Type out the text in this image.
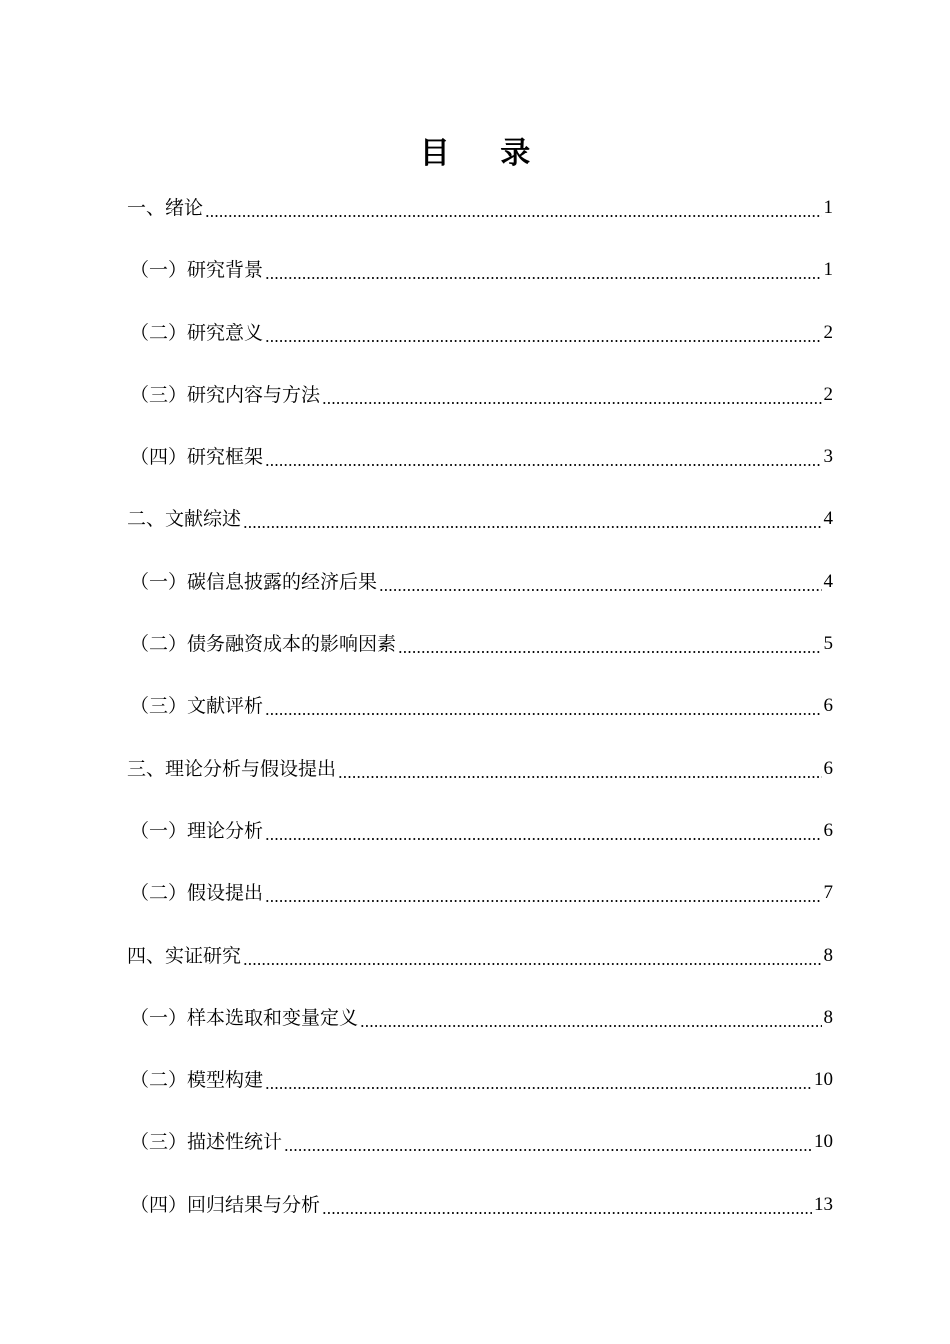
目 录
一、绪论	1
（一）研究背景	1
（二）研究意义	2
（三）研究内容与方法	2
（四）研究框架	3
二、文献综述	4
（一）碳信息披露的经济后果	4
（二）债务融资成本的影响因素	5
（三）文献评析	6
三、理论分析与假设提出	6
（一）理论分析	6
（二）假设提出	7
四、实证研究	8
（一）样本选取和变量定义	8
（二）模型构建	10
（三）描述性统计	10
（四）回归结果与分析	13
